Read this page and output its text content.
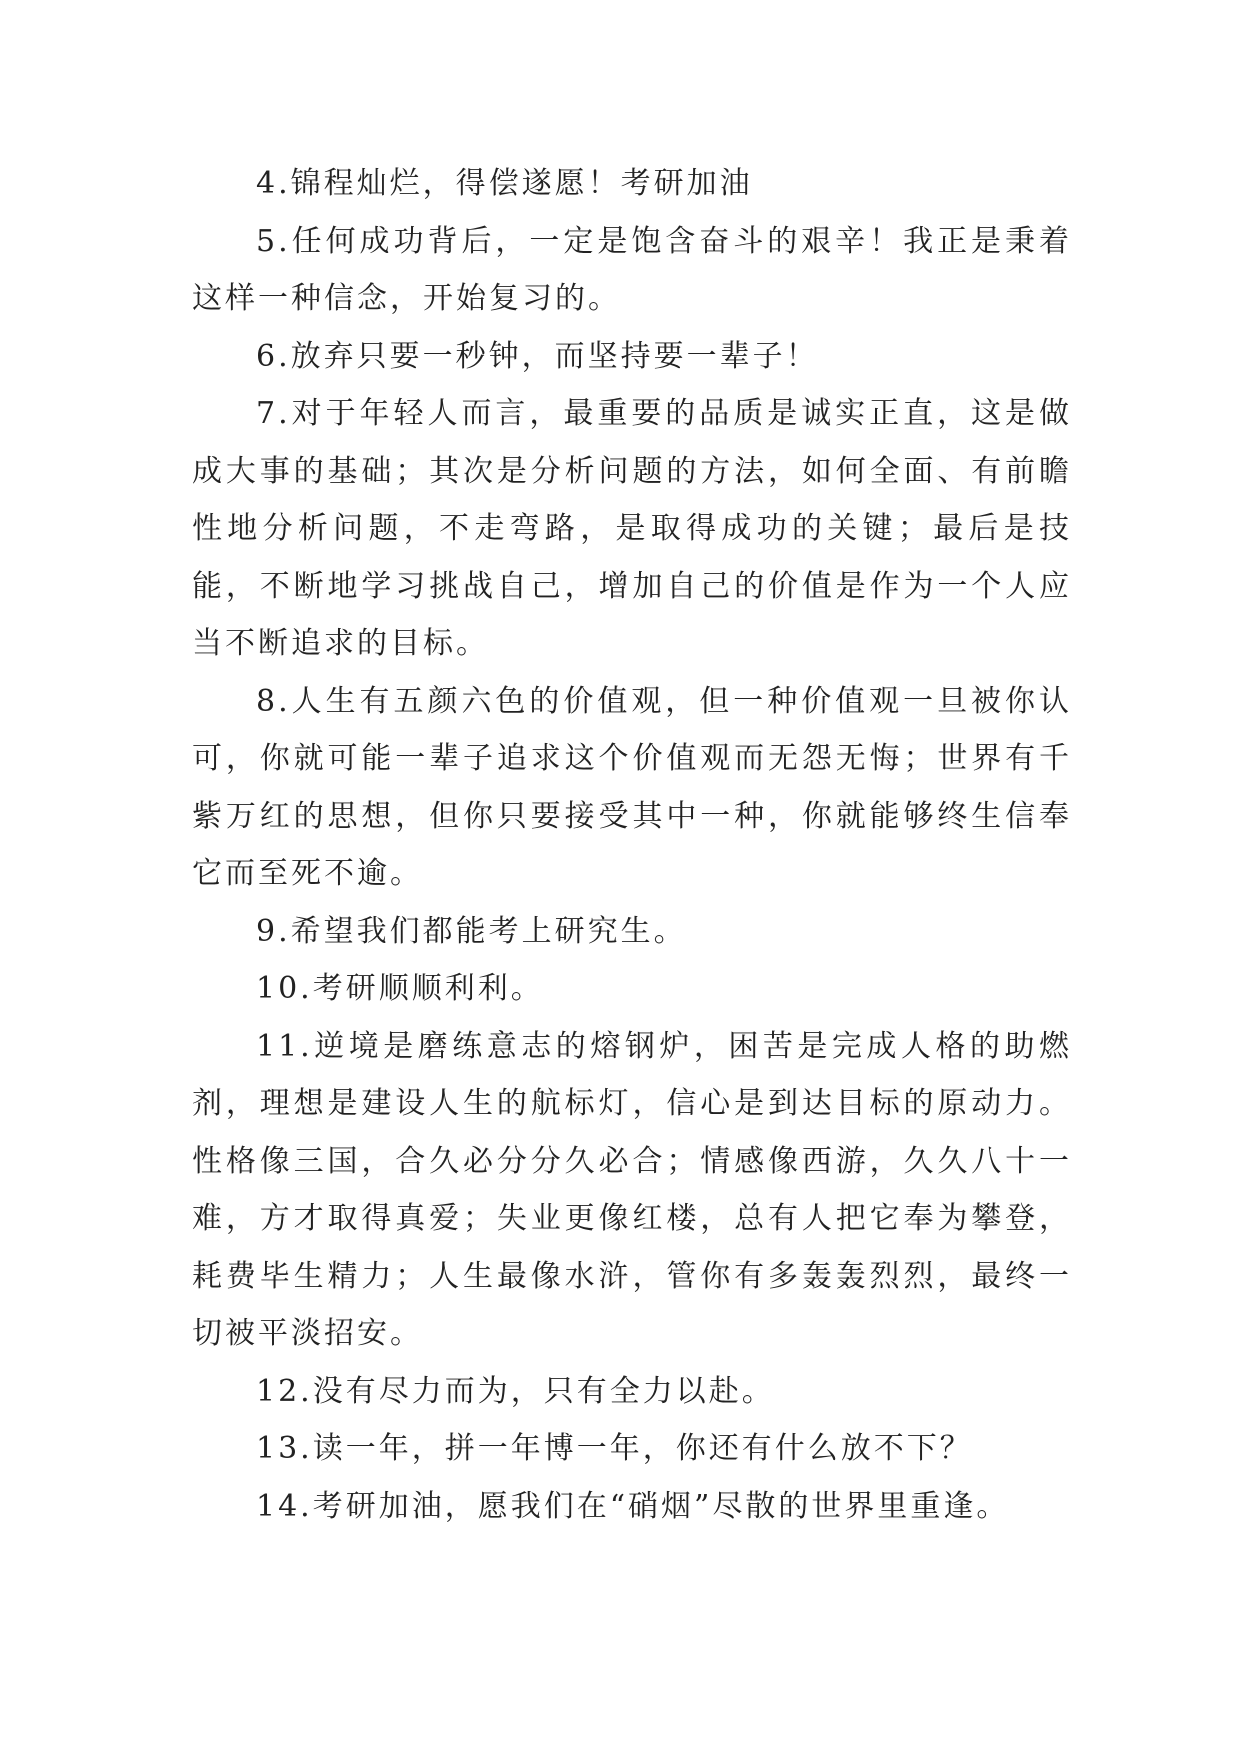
4.锦程灿烂，得偿遂愿！考研加油

5.任何成功背后，一定是饱含奋斗的艰辛！我正是秉着这样一种信念，开始复习的。

6.放弃只要一秒钟，而坚持要一辈子！

7.对于年轻人而言，最重要的品质是诚实正直，这是做成大事的基础；其次是分析问题的方法，如何全面、有前瞻性地分析问题，不走弯路，是取得成功的关键；最后是技能，不断地学习挑战自己，增加自己的价值是作为一个人应当不断追求的目标。

8.人生有五颜六色的价值观，但一种价值观一旦被你认可，你就可能一辈子追求这个价值观而无怨无悔；世界有千紫万红的思想，但你只要接受其中一种，你就能够终生信奉它而至死不逾。

9.希望我们都能考上研究生。

10.考研顺顺利利。

11.逆境是磨练意志的熔钢炉，困苦是完成人格的助燃剂，理想是建设人生的航标灯，信心是到达目标的原动力。性格像三国，合久必分分久必合；情感像西游，久久八十一难，方才取得真爱；失业更像红楼，总有人把它奉为攀登，耗费毕生精力；人生最像水浒，管你有多轰轰烈烈，最终一切被平淡招安。

12.没有尽力而为，只有全力以赴。

13.读一年，拼一年博一年，你还有什么放不下？

14.考研加油，愿我们在“硝烟”尽散的世界里重逢。
